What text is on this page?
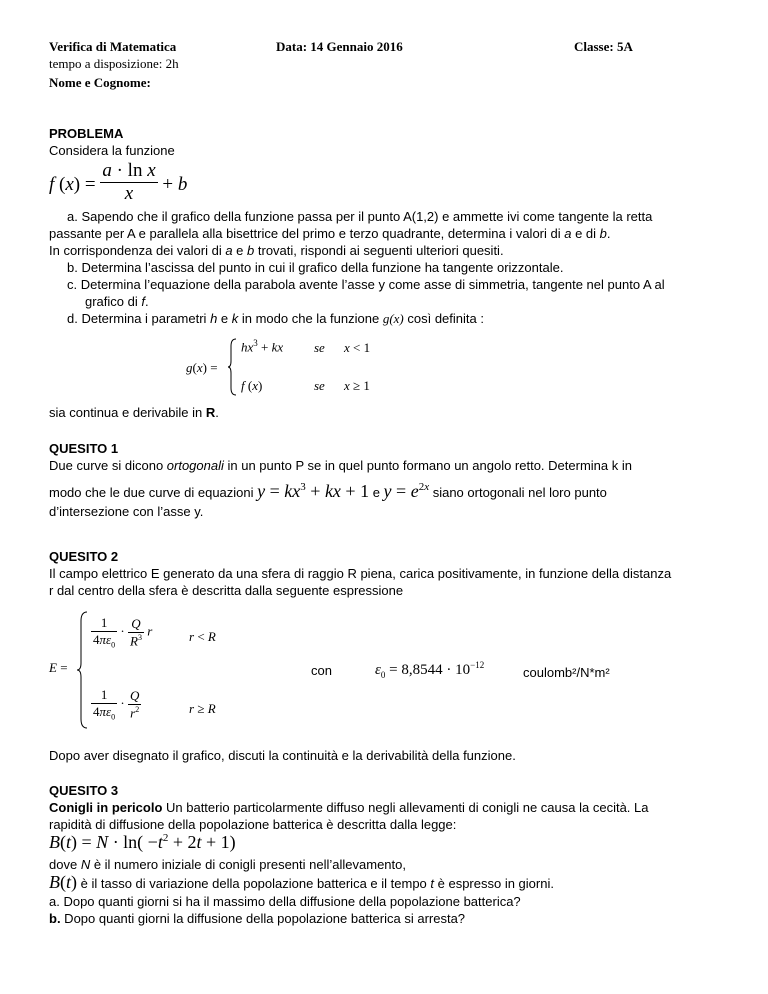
Verifica di Matematica
tempo a disposizione: 2h
Nome e Cognome:
Data: 14 Gennaio 2016	Classe: 5A
PROBLEMA
Considera la funzione
f $(x) = \frac{\text{a · ln x}}{x} + b$
a. Sapendo che il grafico della funzione passa per il punto A(1,2) e ammette ivi come tangente la retta
passante per A e parallela alla bisettrice del primo e terzo quadrante, determina i valori di a e di b.
In corrispondenza dei valori di a e b trovati, rispondi ai seguenti ulteriori quesiti.
b. Determina l’ascissa del punto in cui il grafico della funzione ha tangente orizzontale.
c. Determina l’equazione della parabola avente l’asse y come asse di simmetria, tangente nel punto A al
grafico di f.
d. Determina i parametri h e k in modo che la funzione g(x) così definita :
g(x) =
$hx^3$ + kx se x < 1
f (x)	se x ≥ 1
sia continua e derivabile in R.
QUESITO 1
Due curve si dicono ortogonali in un punto P se in quel punto formano un angolo retto. Determina k in
modo che le due curve di equazioni $y = kx^3$ + kx + 1 e $y = e^{2x}$ siano ortogonali nel loro punto
d’intersezione con l’asse y.
QUESITO 2
Il campo elettrico E generato da una sfera di raggio R piena, carica positivamente, in funzione della distanza
r dal centro della sfera è descritta dalla seguente espressione
E =
$\frac{1}{4\pi\varepsilon_0} \cdot \frac{Q}{R^3}$ r	r < R
$\frac{1}{4\pi\varepsilon_0} \cdot \frac{Q}{r^2}$	r ≥ R
con	$\varepsilon_0 = 8,8544 \cdot 10^{-12}$	coulomb²/N*m²
Dopo aver disegnato il grafico, discuti la continuità e la derivabilità della funzione.
QUESITO 3
Conigli in pericolo Un batterio particolarmente diffuso negli allevamenti di conigli ne causa la cecità. La
rapidità di diffusione della popolazione batterica è descritta dalla legge:
$B(t) = N \cdot \ln( -t^2 + 2t + 1)$
dove N è il numero iniziale di conigli presenti nell’allevamento,
B(t) è il tasso di variazione della popolazione batterica e il tempo t è espresso in giorni.
a. Dopo quanti giorni si ha il massimo della diffusione della popolazione batterica?
b. Dopo quanti giorni la diffusione della popolazione batterica si arresta?
